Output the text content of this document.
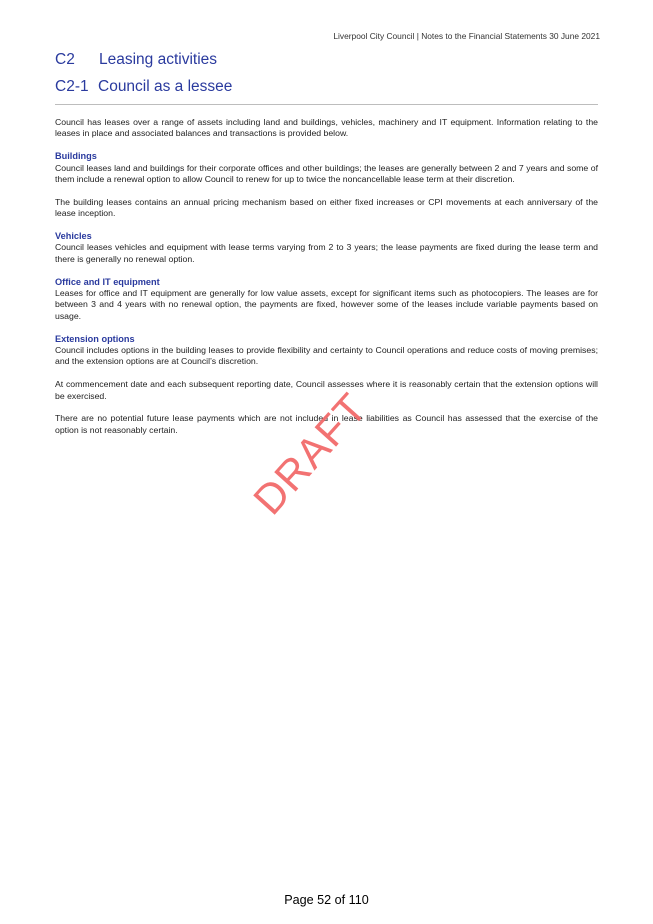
Liverpool City Council | Notes to the Financial Statements 30 June 2021
C2 Leasing activities
C2-1 Council as a lessee

Council has leases over a range of assets including land and buildings, vehicles, machinery and IT equipment. Information relating to the leases in place and associated balances and transactions is provided below.

Buildings

Council leases land and buildings for their corporate offices and other buildings; the leases are generally between 2 and 7 years and some of them include a renewal option to allow Council to renew for up to twice the noncancellable lease term at their discretion.

The building leases contains an annual pricing mechanism based on either fixed increases or CPI movements at each anniversary of the lease inception.

Vehicles

Council leases vehicles and equipment with lease terms varying from 2 to 3 years; the lease payments are fixed during the lease term and there is generally no renewal option.

Office and IT equipment

Leases for office and IT equipment are generally for low value assets, except for significant items such as photocopiers. The leases are for between 3 and 4 years with no renewal option, the payments are fixed, however some of the leases include variable payments based on usage.

Extension options

Council includes options in the building leases to provide flexibility and certainty to Council operations and reduce costs of moving premises; and the extension options are at Council’s discretion.

At commencement date and each subsequent reporting date, Council assesses where it is reasonably certain that the extension options will be exercised.

There are no potential future lease payments which are not included in lease liabilities as Council has assessed that the exercise of the option is not reasonably certain.	DRAFT
Page 52 of 110
